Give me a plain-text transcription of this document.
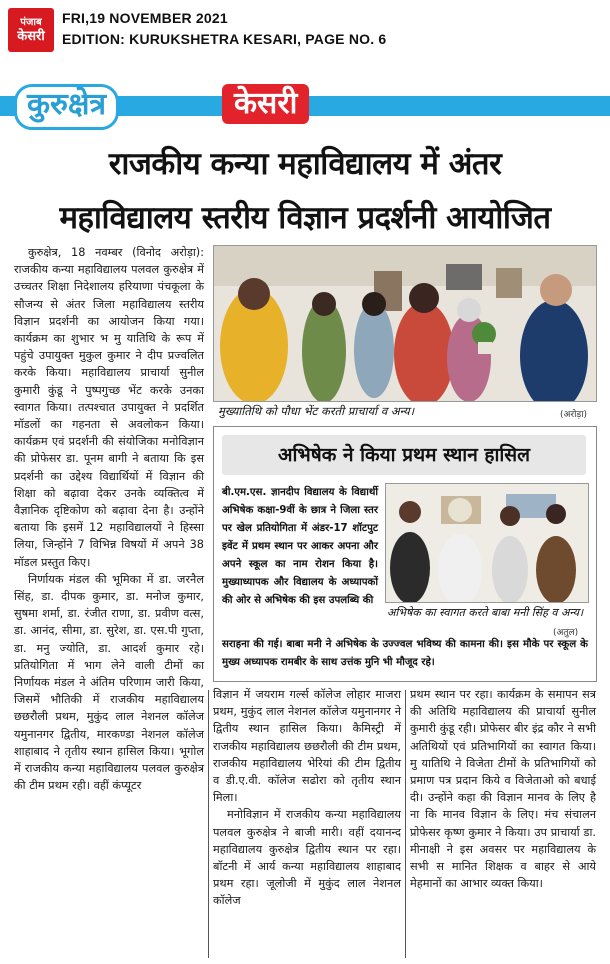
पंजाब
केसरी
FRI,19 NOVEMBER 2021
EDITION: KURUKSHETRA KESARI, PAGE NO. 6
कुरुक्षेत्र	केसरी
राजकीय कन्या महाविद्यालय में अंतर
महाविद्यालय स्तरीय विज्ञान प्रदर्शनी आयोजित

कुरुक्षेत्र, 18 नवम्बर (विनोद अरोड़ा): राजकीय कन्या महाविद्यालय पलवल कुरुक्षेत्र में उच्चतर शिक्षा निदेशालय हरियाणा पंचकूला के सौजन्य से अंतर जिला महाविद्यालय स्तरीय विज्ञान प्रदर्शनी का आयोजन किया गया। कार्यक्रम का शुभार भ मु यातिथि के रूप में पहुंचे उपायुक्त मुकुल कुमार ने दीप प्रज्वलित करके किया। महाविद्यालय प्राचार्या सुनील कुमारी कुंडू ने पुष्पगुच्छ भेंट करके उनका स्वागत किया। तत्पश्चात उपायुक्त ने प्रदर्शित मॉडलों का गहनता से अवलोकन किया। कार्यक्रम एवं प्रदर्शनी की संयोजिका मनोविज्ञान की प्रोफेसर डा. पूनम बागी ने बताया कि इस प्रदर्शनी का उद्देश्य विद्यार्थियों में विज्ञान की शिक्षा को बढ़ावा देकर उनके व्यक्तित्व में वैज्ञानिक दृष्टिकोण को बढ़ावा देना है। उन्होंने बताया कि इसमें 12 महाविद्यालयों ने हिस्सा लिया, जिन्होंने 7 विभिन्न विषयों में अपने 38 मॉडल प्रस्तुत किए।

निर्णायक मंडल की भूमिका में डा. जरनैल सिंह, डा. दीपक कुमार, डा. मनोज कुमार, सुषमा शर्मा, डा. रंजीत राणा, डा. प्रवीण वत्स, डा. आनंद, सीमा, डा. सुरेश, डा. एस.पी गुप्ता, डा. मनु ज्योति, डा. आदर्श कुमार रहे। प्रतियोगिता में भाग लेने वाली टीमों का निर्णायक मंडल ने अंतिम परिणाम जारी किया, जिसमें भौतिकी में राजकीय महाविद्यालय छछरौली प्रथम, मुकुंद लाल नेशनल कॉलेज यमुनानगर द्वितीय, मारकण्डा नेशनल कॉलेज शाहाबाद ने तृतीय स्थान हासिल किया। भूगोल में राजकीय कन्या महाविद्यालय पलवल कुरुक्षेत्र की टीम प्रथम रही। वहीं कंप्यूटर

मुख्यातिथि को पौधा भेंट करती प्राचार्या व अन्य।	(अरोड़ा)
अभिषेक ने किया प्रथम स्थान हासिल
बी.एम.एस. ज्ञानदीप विद्यालय के विद्यार्थी अभिषेक कक्षा-9वीं के छात्र ने जिला स्तर पर खेल प्रतियोगिता में अंडर-17 शॉटपुट इवेंट में प्रथम स्थान पर आकर अपना और अपने स्कूल का नाम रोशन किया है। मुख्याध्यापक और विद्यालय के अध्यापकों की ओर से अभिषेक की इस उपलब्धि की
अभिषेक का स्वागत करते बाबा मनी सिंह व अन्य।
(अतुल)
सराहना की गई। बाबा मनी ने अभिषेक के उज्ज्वल भविष्य की कामना की। इस मौके पर स्कूल के मुख्य अध्यापक रामबीर के साथ उत्तंक मुनि भी मौजूद रहे।

विज्ञान में जयराम गर्ल्स कॉलेज लोहार माजरा प्रथम, मुकुंद लाल नेशनल कॉलेज यमुनानगर ने द्वितीय स्थान हासिल किया। कैमिस्ट्री में राजकीय महाविद्यालय छछरौली की टीम प्रथम, राजकीय महाविद्यालय भेरियां की टीम द्वितीय व डी.ए.वी. कॉलेज सढोरा को तृतीय स्थान मिला।

मनोविज्ञान में राजकीय कन्या महाविद्यालय पलवल कुरुक्षेत्र ने बाजी मारी। वहीं दयानन्द महाविद्यालय कुरुक्षेत्र द्वितीय स्थान पर रहा। बॉटनी में आर्य कन्या महाविद्यालय शाहाबाद प्रथम रहा। जूलोजी में मुकुंद लाल नेशनल कॉलेज

प्रथम स्थान पर रहा। कार्यक्रम के समापन सत्र की अतिथि महाविद्यालय की प्राचार्या सुनील कुमारी कुंडू रही। प्रोफेसर बीर इंद्र कौर ने सभी अतिथियों एवं प्रतिभागियों का स्वागत किया। मु यातिथि ने विजेता टीमों के प्रतिभागियों को प्रमाण पत्र प्रदान किये व विजेताओ को बधाई दी। उन्होंने कहा की विज्ञान मानव के लिए है ना कि मानव विज्ञान के लिए। मंच संचालन प्रोफेसर कृष्ण कुमार ने किया। उप प्राचार्या डा. मीनाक्षी ने इस अवसर पर महाविद्यालय के सभी स मानित शिक्षक व बाहर से आये मेहमानों का आभार व्यक्त किया।
